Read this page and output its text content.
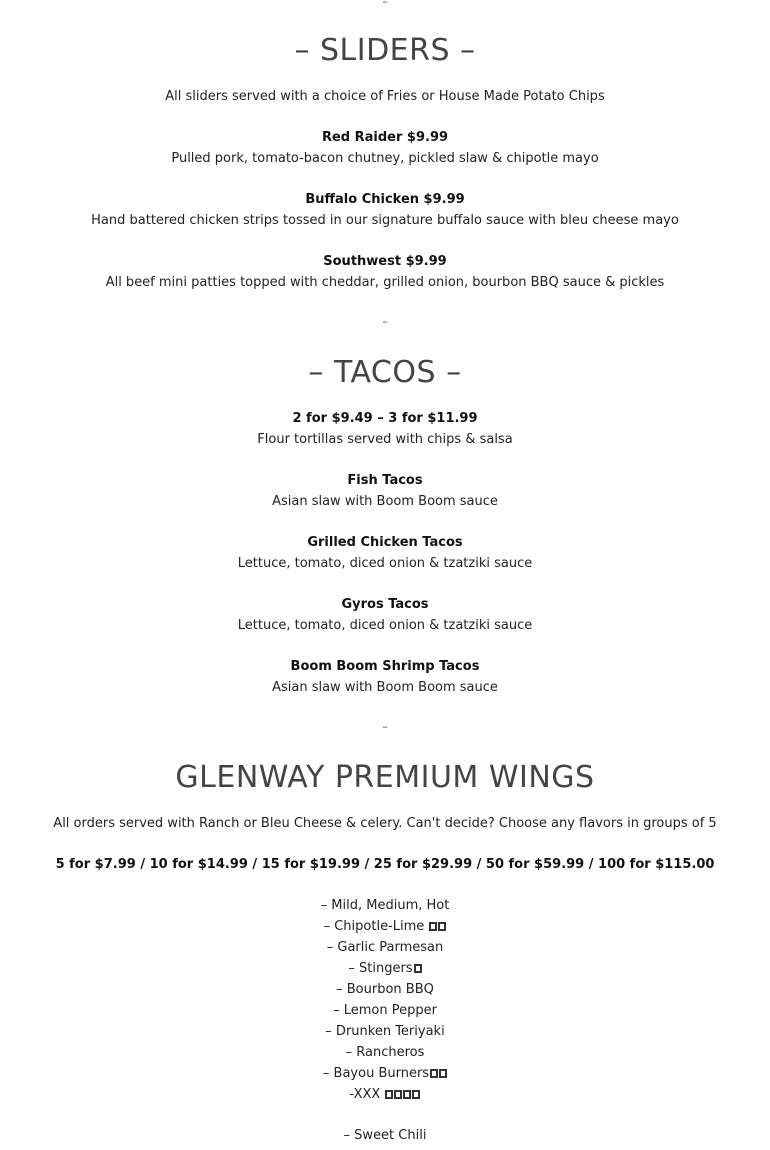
–
– SLIDERS –
All sliders served with a choice of Fries or House Made Potato Chips
Red Raider $9.99
Pulled pork, tomato-bacon chutney, pickled slaw & chipotle mayo
Buffalo Chicken $9.99
Hand battered chicken strips tossed in our signature buffalo sauce with bleu cheese mayo
Southwest $9.99
All beef mini patties topped with cheddar, grilled onion, bourbon BBQ sauce & pickles
–
– TACOS –
2 for $9.49 – 3 for $11.99
Flour tortillas served with chips & salsa
Fish Tacos
Asian slaw with Boom Boom sauce
Grilled Chicken Tacos
Lettuce, tomato, diced onion & tzatziki sauce
Gyros Tacos
Lettuce, tomato, diced onion & tzatziki sauce
Boom Boom Shrimp Tacos
Asian slaw with Boom Boom sauce
–
GLENWAY PREMIUM WINGS
All orders served with Ranch or Bleu Cheese & celery. Can't decide? Choose any flavors in groups of 5
5 for $7.99 / 10 for $14.99 / 15 for $19.99 / 25 for $29.99 / 50 for $59.99 / 100 for $115.00
– Mild, Medium, Hot
– Chipotle-Lime
– Garlic Parmesan
– Stingers
– Bourbon BBQ
– Lemon Pepper
– Drunken Teriyaki
– Rancheros
– Bayou Burners
-XXX
– Sweet Chili
